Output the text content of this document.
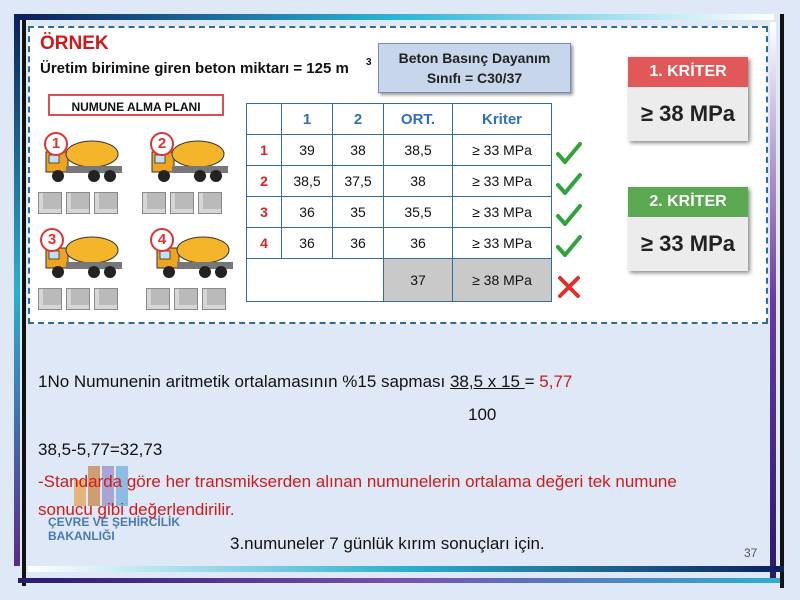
ÖRNEK
Üretim birimine giren beton miktarı = 125 m 3	Beton Basınç Dayanım
Sınıfı = C30/37
NUMUNE ALMA PLANI
1	2
3	4
	1	2	ORT.	Kriter
1	39	38	38,5	≥ 33 MPa
2	38,5	37,5	38	≥ 33 MPa
3	36	35	35,5	≥ 33 MPa
4	36	36	36	≥ 33 MPa
			37	≥ 38 MPa
1. KRİTER
≥ 38 MPa
2. KRİTER
≥ 33 MPa
1No Numunenin aritmetik ortalamasının %15 sapması 38,5 x 15 = 5,77
100
38,5-5,77=32,73
ÇEVRE VE ŞEHİRCİLİK
BAKANLIĞI
-Standarda göre her transmikserden alınan numunelerin ortalama değeri tek numune
sonucu gibi değerlendirilir.
3.numuneler 7 günlük kırım sonuçları için.	37
